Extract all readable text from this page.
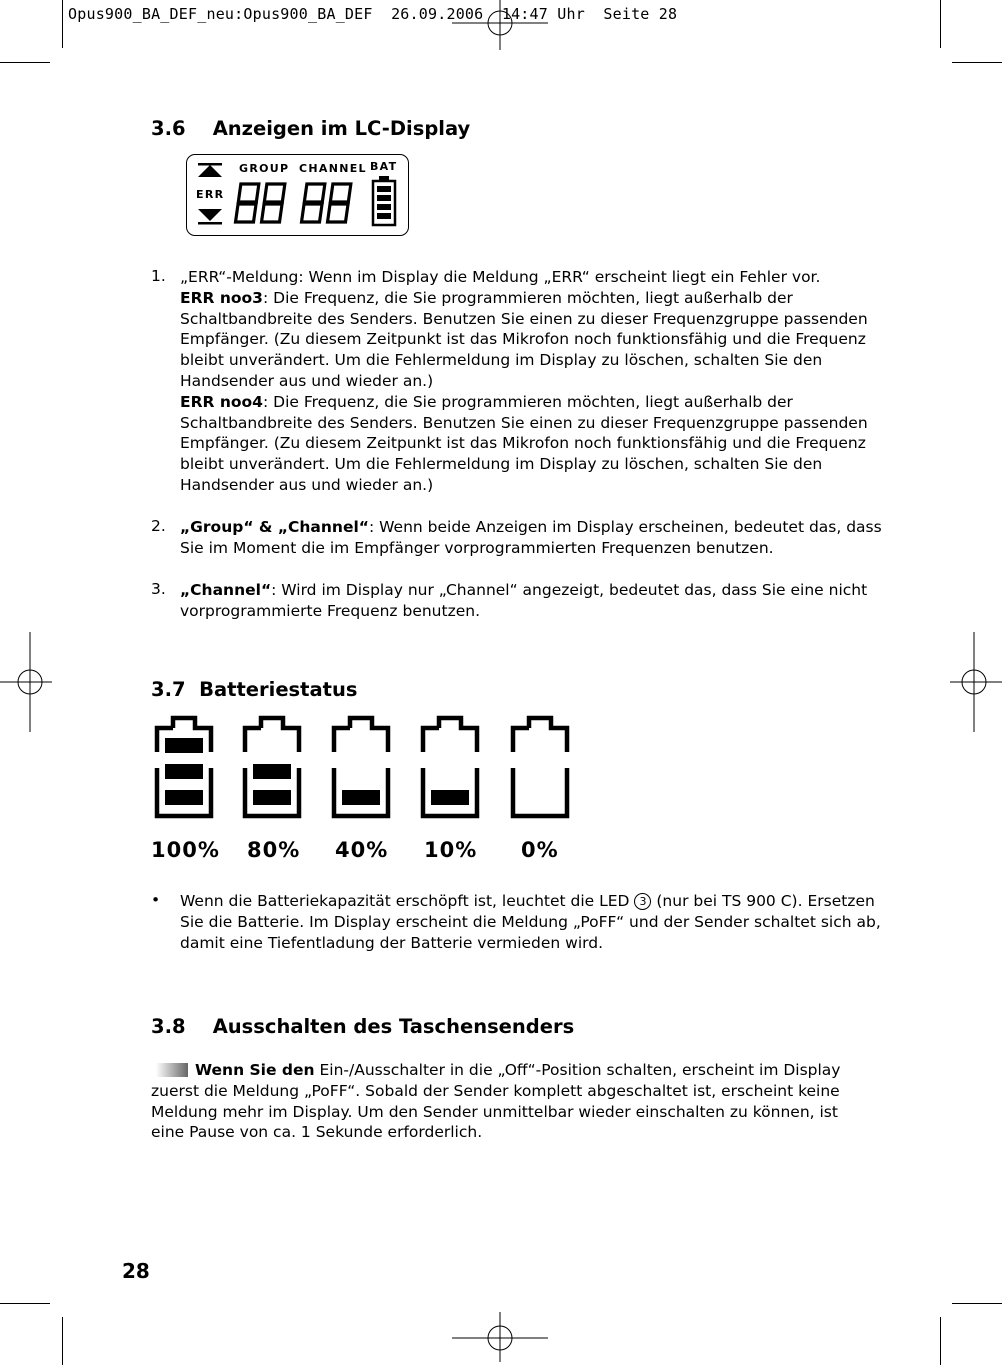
Opus900_BA_DEF_neu:Opus900_BA_DEF  26.09.2006  14:47 Uhr  Seite 28
3.6 Anzeigen im LC-Display
GROUP CHANNEL BAT
ERR
1. „ERR“-Meldung: Wenn im Display die Meldung „ERR“ erscheint liegt ein Fehler vor.

ERR noo3: Die Frequenz, die Sie programmieren möchten, liegt außerhalb der Schaltbandbreite des Senders. Benutzen Sie einen zu dieser Frequenzgruppe passenden Empfänger. (Zu diesem Zeitpunkt ist das Mikrofon noch funktionsfähig und die Frequenz bleibt unverändert. Um die Fehlermeldung im Display zu löschen, schalten Sie den Handsender aus und wieder an.)

ERR noo4: Die Frequenz, die Sie programmieren möchten, liegt außerhalb der Schaltbandbreite des Senders. Benutzen Sie einen zu dieser Frequenzgruppe passenden Empfänger. (Zu diesem Zeitpunkt ist das Mikrofon noch funktionsfähig und die Frequenz bleibt unverändert. Um die Fehlermeldung im Display zu löschen, schalten Sie den Handsender aus und wieder an.)

2. „Group“ & „Channel“: Wenn beide Anzeigen im Display erscheinen, bedeutet das, dass Sie im Moment die im Empfänger vorprogrammierten Frequenzen benutzen.
3. „Channel“: Wird im Display nur „Channel“ angezeigt, bedeutet das, dass Sie eine nicht vorprogrammierte Frequenz benutzen.
3.7 Batteriestatus
100% 80% 40% 10% 0%
• Wenn die Batteriekapazität erschöpft ist, leuchtet die LED 3 (nur bei TS 900 C). Ersetzen Sie die Batterie. Im Display erscheint die Meldung „PoFF“ und der Sender schaltet sich ab, damit eine Tiefentladung der Batterie vermieden wird.
3.8 Ausschalten des Taschensenders
Wenn Sie den Ein-/Ausschalter in die „Off“-Position schalten, erscheint im Display zuerst die Meldung „PoFF“. Sobald der Sender komplett abgeschaltet ist, erscheint keine Meldung mehr im Display. Um den Sender unmittelbar wieder einschalten zu können, ist eine Pause von ca. 1 Sekunde erforderlich.
28
